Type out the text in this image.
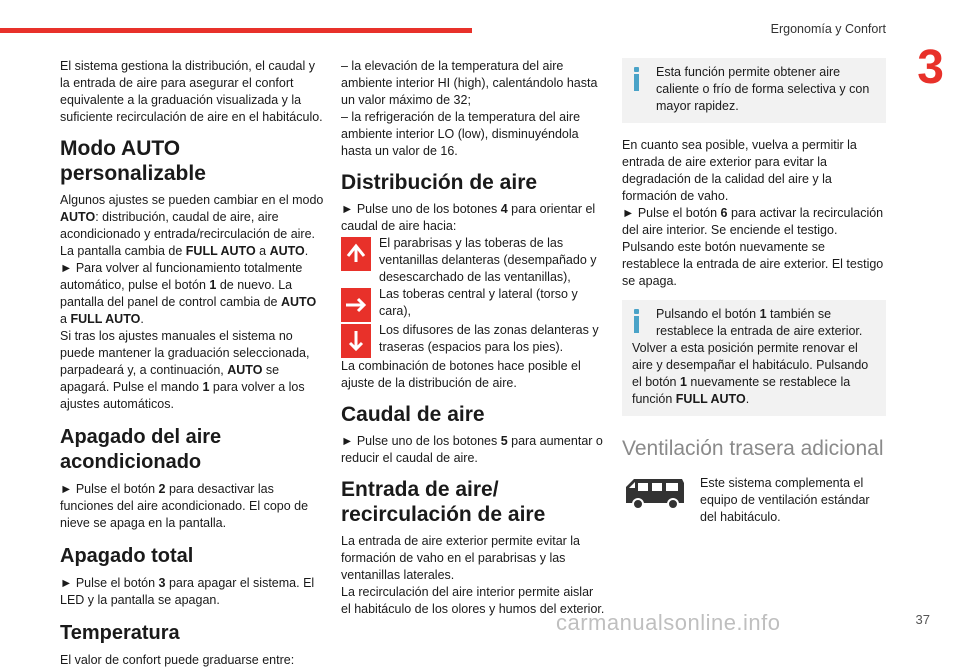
Ergonomía y Confort
3

El sistema gestiona la distribución, el caudal y la entrada de aire para asegurar el confort equivalente a la graduación visualizada y la suficiente recirculación de aire en el habitáculo.

Modo AUTO personalizable

Algunos ajustes se pueden cambiar en el modo AUTO: distribución, caudal de aire, aire acondicionado y entrada/recirculación de aire.

La pantalla cambia de FULL AUTO a AUTO.

► Para volver al funcionamiento totalmente automático, pulse el botón 1 de nuevo. La pantalla del panel de control cambia de AUTO a FULL AUTO.

Si tras los ajustes manuales el sistema no puede mantener la graduación seleccionada, parpadeará y, a continuación, AUTO se apagará. Pulse el mando 1 para volver a los ajustes automáticos.

Apagado del aire acondicionado

► Pulse el botón 2 para desactivar las funciones del aire acondicionado. El copo de nieve se apaga en la pantalla.

Apagado total

► Pulse el botón 3 para apagar el sistema. El LED y la pantalla se apagan.

Temperatura

El valor de confort puede graduarse entre:

– la elevación de la temperatura del aire ambiente interior HI (high), calentándolo hasta un valor máximo de 32;

– la refrigeración de la temperatura del aire ambiente interior LO (low), disminuyéndola hasta un valor de 16.

Distribución de aire

► Pulse uno de los botones 4 para orientar el caudal de aire hacia:

El parabrisas y las toberas de las ventanillas delanteras (desempañado y desescarchado de las ventanillas),

Las toberas central y lateral (torso y cara),

Los difusores de las zonas delanteras y traseras (espacios para los pies).

La combinación de botones hace posible el ajuste de la distribución de aire.

Caudal de aire

► Pulse uno de los botones 5 para aumentar o reducir el caudal de aire.

Entrada de aire/ recirculación de aire

La entrada de aire exterior permite evitar la formación de vaho en el parabrisas y las ventanillas laterales.

La recirculación del aire interior permite aislar el habitáculo de los olores y humos del exterior.

Esta función permite obtener aire caliente o frío de forma selectiva y con mayor rapidez.

En cuanto sea posible, vuelva a permitir la entrada de aire exterior para evitar la degradación de la calidad del aire y la formación de vaho.

► Pulse el botón 6 para activar la recirculación del aire interior. Se enciende el testigo.

Pulsando este botón nuevamente se restablece la entrada de aire exterior. El testigo se apaga.

Pulsando el botón 1 también se restablece la entrada de aire exterior.

Volver a esta posición permite renovar el aire y desempañar el habitáculo. Pulsando el botón 1 nuevamente se restablece la función FULL AUTO.

Ventilación trasera adicional

Este sistema complementa el equipo de ventilación estándar del habitáculo.

carmanualsonline.info	37
